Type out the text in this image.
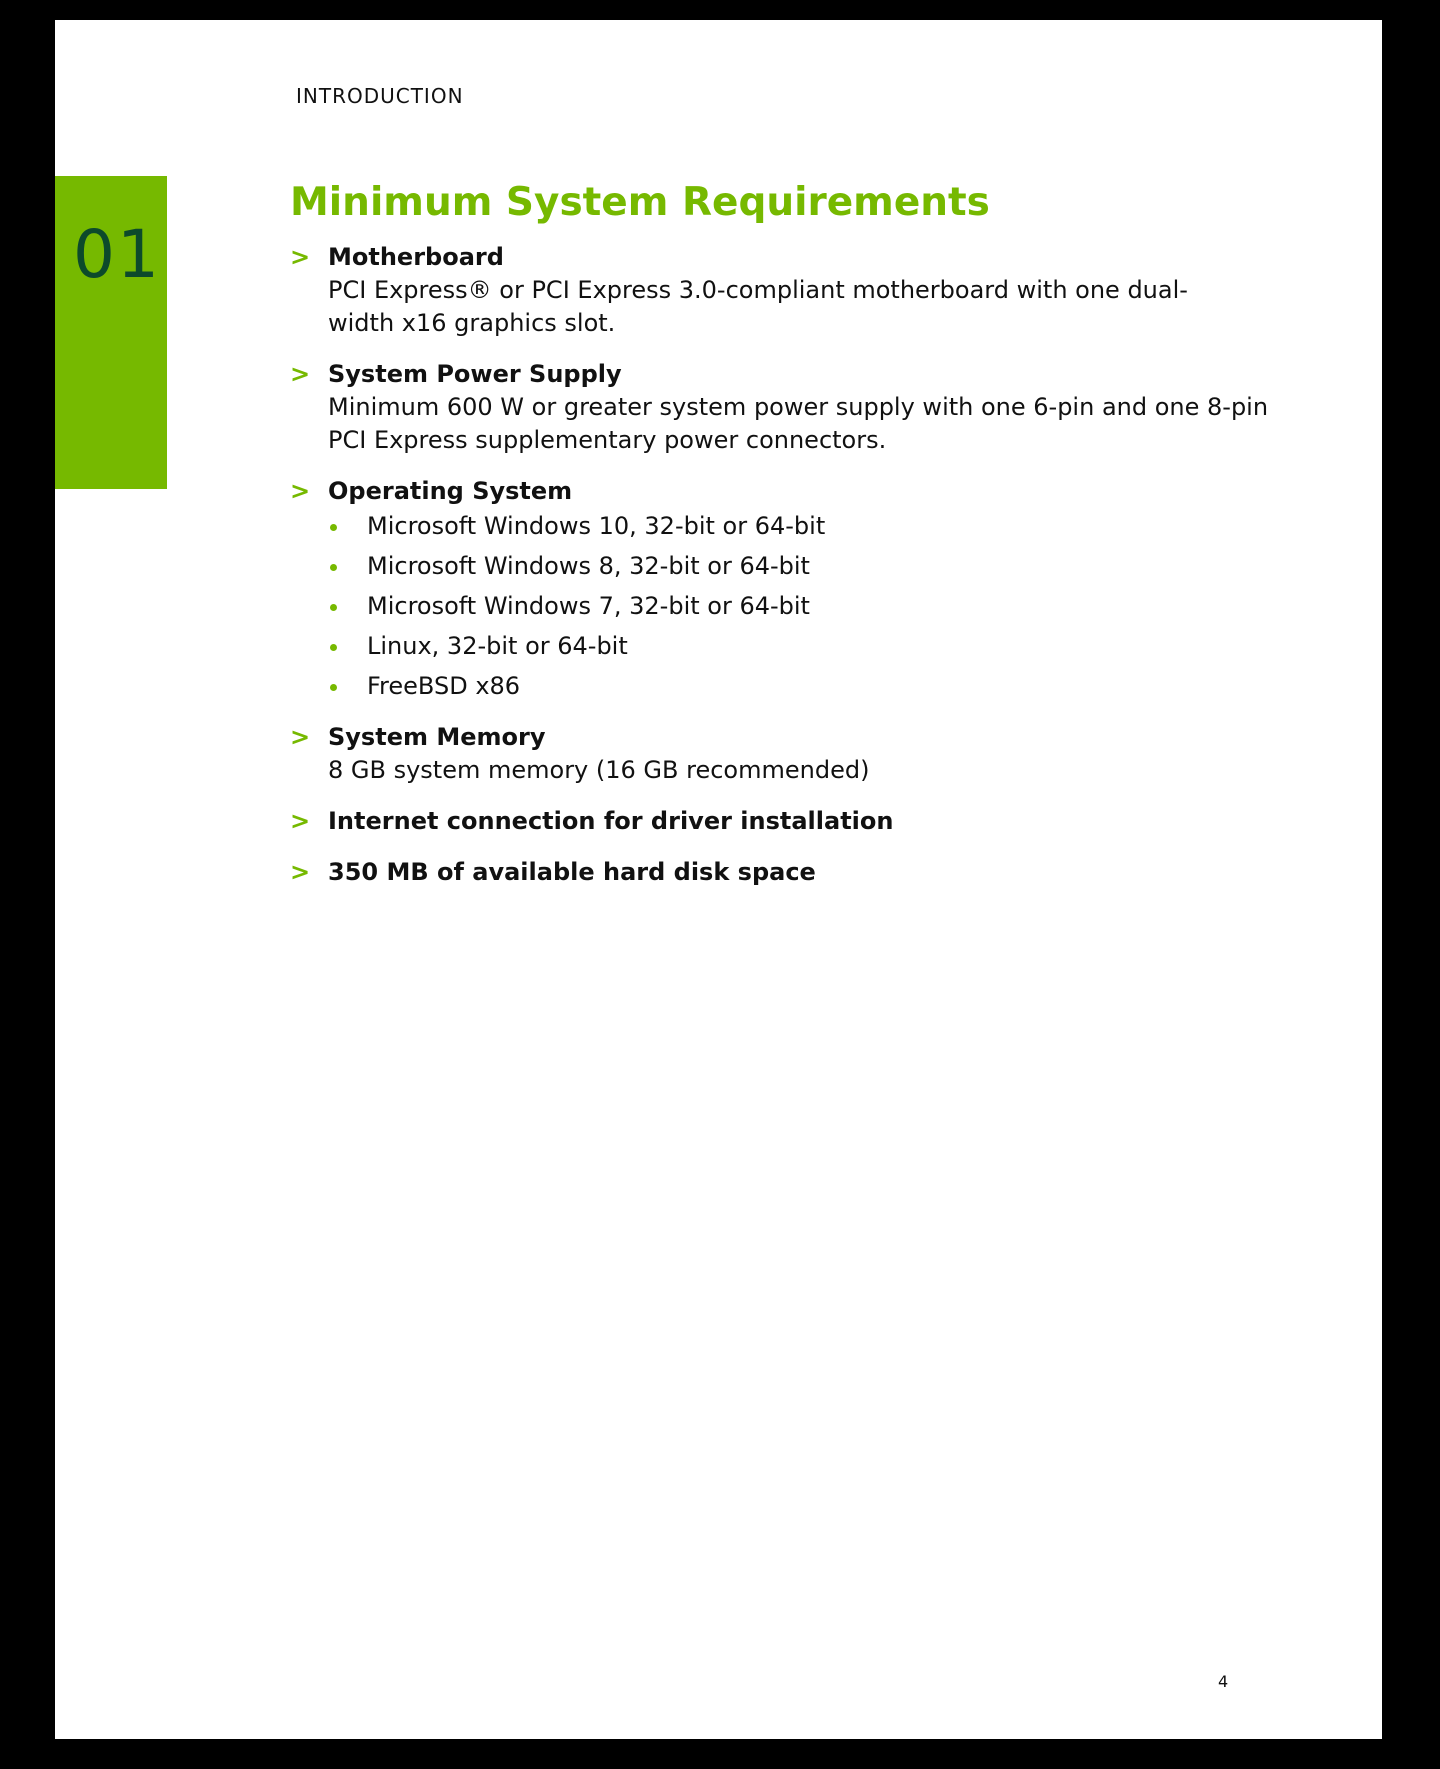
INTRODUCTION
01
Minimum System Requirements
> Motherboard
PCI Express® or PCI Express 3.0-compliant motherboard with one dual-
width x16 graphics slot.
> System Power Supply
Minimum 600 W or greater system power supply with one 6-pin and one 8-pin
PCI Express supplementary power connectors.
> Operating System
Microsoft Windows 10, 32-bit or 64-bit
Microsoft Windows 8, 32-bit or 64-bit
Microsoft Windows 7, 32-bit or 64-bit
Linux, 32-bit or 64-bit
FreeBSD x86
> System Memory
8 GB system memory (16 GB recommended)
> Internet connection for driver installation
> 350 MB of available hard disk space
4
